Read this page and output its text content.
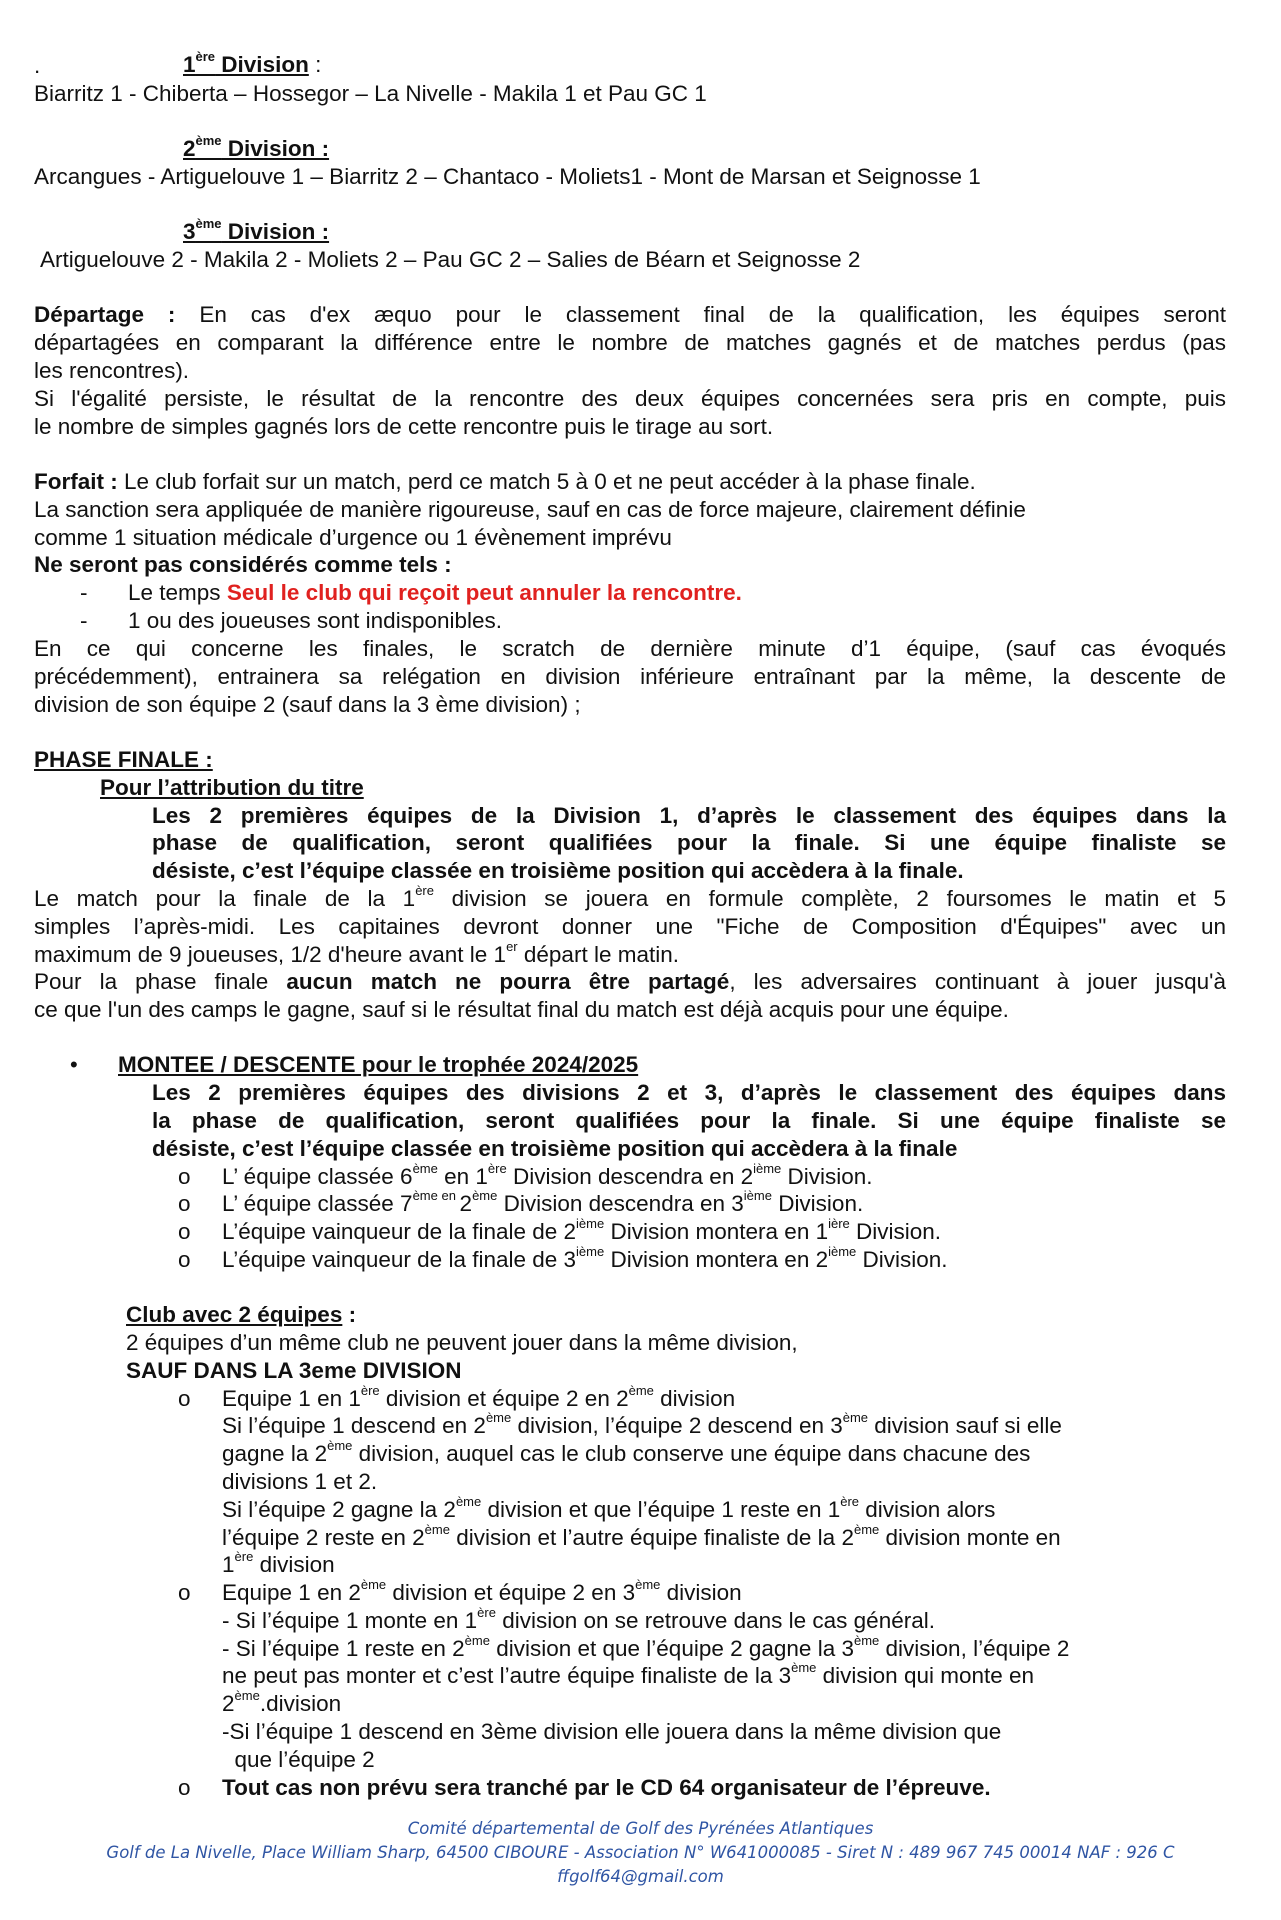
.	1ère Division :
Biarritz 1 - Chiberta – Hossegor – La Nivelle - Makila 1 et Pau GC 1
2ème Division :
Arcangues - Artiguelouve 1 – Biarritz 2 – Chantaco - Moliets1 - Mont de Marsan et Seignosse 1
3ème Division :
Artiguelouve 2 - Makila 2 - Moliets 2 – Pau GC 2 – Salies de Béarn et Seignosse 2
Départage : En cas d'ex æquo pour le classement final de la qualification, les équipes seront
départagées en comparant la différence entre le nombre de matches gagnés et de matches perdus (pas
les rencontres).
Si l'égalité persiste, le résultat de la rencontre des deux équipes concernées sera pris en compte, puis
le nombre de simples gagnés lors de cette rencontre puis le tirage au sort.
Forfait : Le club forfait sur un match, perd ce match 5 à 0 et ne peut accéder à la phase finale.
La sanction sera appliquée de manière rigoureuse, sauf en cas de force majeure, clairement définie
comme 1 situation médicale d’urgence ou 1 évènement imprévu
Ne seront pas considérés comme tels :
- Le temps Seul le club qui reçoit peut annuler la rencontre.
- 1 ou des joueuses sont indisponibles.
En ce qui concerne les finales, le scratch de dernière minute d’1 équipe, (sauf cas évoqués
précédemment), entrainera sa relégation en division inférieure entraînant par la même, la descente de
division de son équipe 2 (sauf dans la 3 ème division) ;
PHASE FINALE :
Pour l’attribution du titre
Les 2 premières équipes de la Division 1, d’après le classement des équipes dans la
phase de qualification, seront qualifiées pour la finale. Si une équipe finaliste se
désiste, c’est l’équipe classée en troisième position qui accèdera à la finale.
Le match pour la finale de la 1ère division se jouera en formule complète, 2 foursomes le matin et 5
simples l’après-midi. Les capitaines devront donner une "Fiche de Composition d'Équipes" avec un
maximum de 9 joueuses, 1/2 d'heure avant le 1er départ le matin.
Pour la phase finale aucun match ne pourra être partagé, les adversaires continuant à jouer jusqu'à
ce que l'un des camps le gagne, sauf si le résultat final du match est déjà acquis pour une équipe.
• MONTEE / DESCENTE pour le trophée 2024/2025
Les 2 premières équipes des divisions 2 et 3, d’après le classement des équipes dans
la phase de qualification, seront qualifiées pour la finale. Si une équipe finaliste se
désiste, c’est l’équipe classée en troisième position qui accèdera à la finale
o L’ équipe classée 6ème en 1ère Division descendra en 2ième Division.
o L’ équipe classée $7^{ème en}$ 2ème Division descendra en 3ième Division.
o L’équipe vainqueur de la finale de 2ième Division montera en $1^{ière}$ Division.
o L’équipe vainqueur de la finale de 3ième Division montera en 2ième Division.
Club avec 2 équipes :
2 équipes d’un même club ne peuvent jouer dans la même division,
SAUF DANS LA 3eme DIVISION
o Equipe 1 en 1ère division et équipe 2 en 2ème division
Si l’équipe 1 descend en 2ème division, l’équipe 2 descend en 3ème division sauf si elle
gagne la 2ème division, auquel cas le club conserve une équipe dans chacune des
divisions 1 et 2.
Si l’équipe 2 gagne la 2ème division et que l’équipe 1 reste en 1ère division alors
l’équipe 2 reste en 2ème division et l’autre équipe finaliste de la 2ème division monte en
1ère division
o Equipe 1 en 2ème division et équipe 2 en 3ème division
- Si l’équipe 1 monte en 1ère division on se retrouve dans le cas général.
- Si l’équipe 1 reste en 2ème division et que l’équipe 2 gagne la 3ème division, l’équipe 2
ne peut pas monter et c’est l’autre équipe finaliste de la 3ème division qui monte en
2ème.division
-Si l’équipe 1 descend en 3ème division elle jouera dans la même division que
que l’équipe 2
o Tout cas non prévu sera tranché par le CD 64 organisateur de l’épreuve.
Comité départemental de Golf des Pyrénées Atlantiques
Golf de La Nivelle, Place William Sharp, 64500 CIBOURE - Association N° W641000085 - Siret N : 489 967 745 00014 NAF : 926 C
ffgolf64@gmail.com
